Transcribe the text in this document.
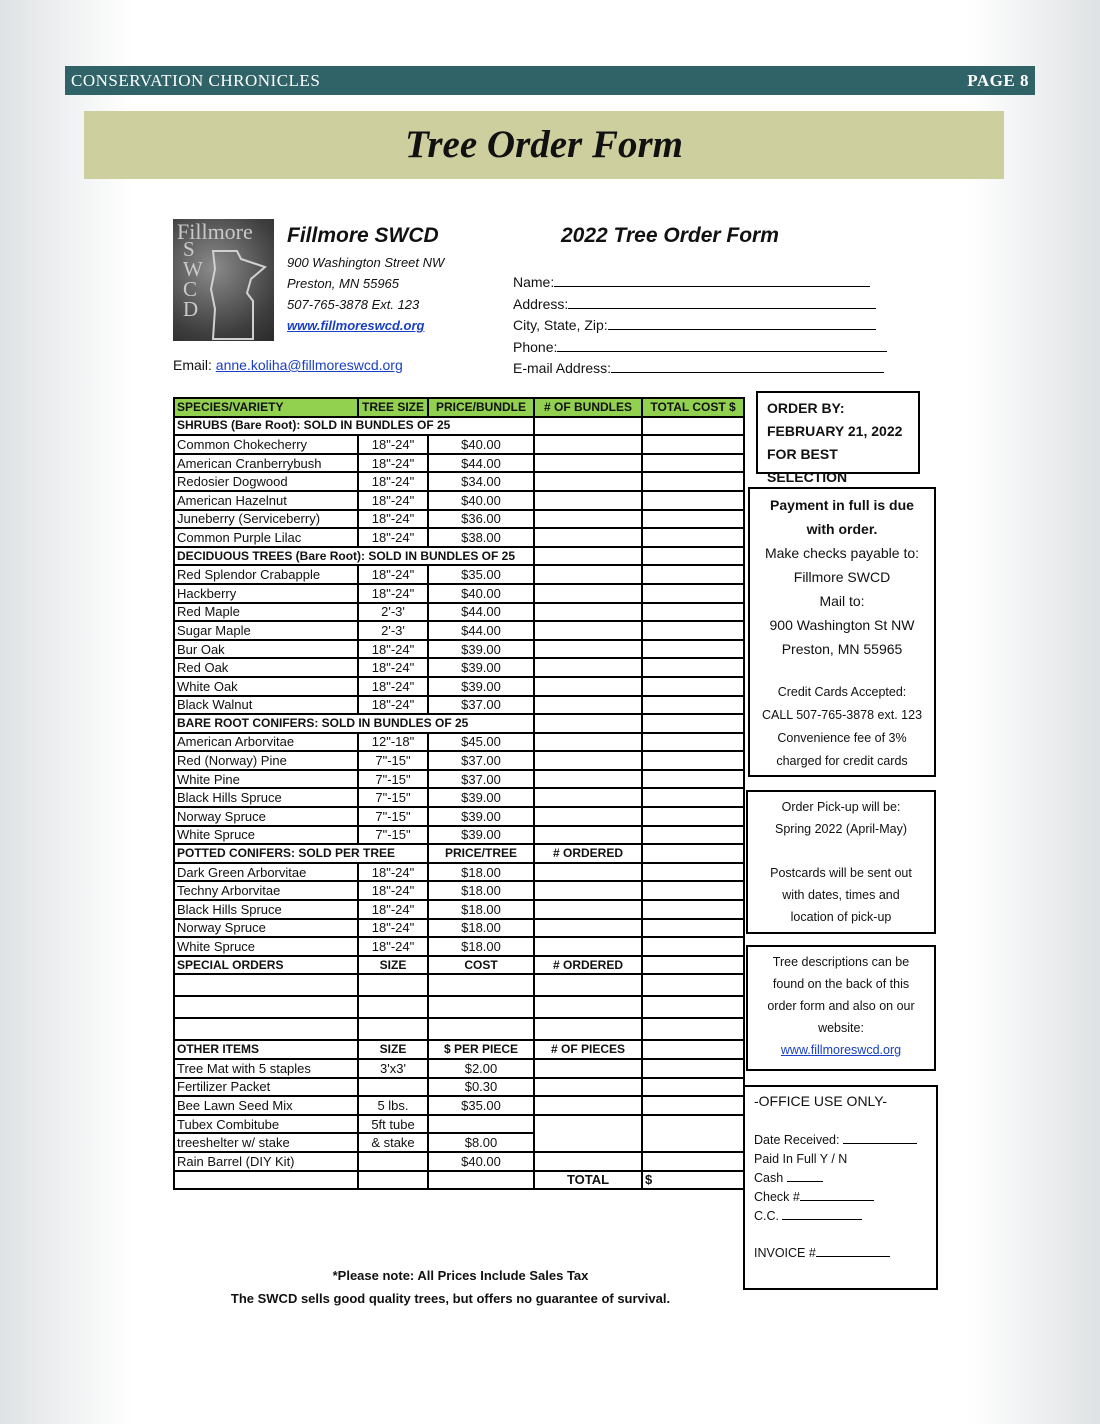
CONSERVATION CHRONICLES	PAGE 8
Tree Order Form
Fillmore
S
W
C
D
Fillmore SWCD
900 Washington Street NW
Preston, MN 55965
507-765-3878 Ext. 123
www.fillmoreswcd.org
Email: anne.koliha@fillmoreswcd.org
2022 Tree Order Form
Name:
Address:
City, State, Zip:
Phone:
E-mail Address:
SPECIES/VARIETY	TREE SIZE	PRICE/BUNDLE	# OF BUNDLES	TOTAL COST $
SHRUBS (Bare Root): SOLD IN BUNDLES OF 25				
Common Chokecherry	18"-24"	$40.00		
American Cranberrybush	18"-24"	$44.00		
Redosier Dogwood	18"-24"	$34.00		
American Hazelnut	18"-24"	$40.00		
Juneberry (Serviceberry)	18"-24"	$36.00		
Common Purple Lilac	18"-24"	$38.00		
DECIDUOUS TREES (Bare Root): SOLD IN BUNDLES OF 25				
Red Splendor Crabapple	18"-24"	$35.00		
Hackberry	18"-24"	$40.00		
Red Maple	2'-3'	$44.00		
Sugar Maple	2'-3'	$44.00		
Bur Oak	18"-24"	$39.00		
Red Oak	18"-24"	$39.00		
White Oak	18"-24"	$39.00		
Black Walnut	18"-24"	$37.00		
BARE ROOT CONIFERS: SOLD IN BUNDLES OF 25				
American Arborvitae	12"-18"	$45.00		
Red (Norway) Pine	7"-15"	$37.00		
White Pine	7"-15"	$37.00		
Black Hills Spruce	7"-15"	$39.00		
Norway Spruce	7"-15"	$39.00		
White Spruce	7"-15"	$39.00		
POTTED CONIFERS: SOLD PER TREE		PRICE/TREE	# ORDERED	
Dark Green Arborvitae	18"-24"	$18.00		
Techny Arborvitae	18"-24"	$18.00		
Black Hills Spruce	18"-24"	$18.00		
Norway Spruce	18"-24"	$18.00		
White Spruce	18"-24"	$18.00		
SPECIAL ORDERS	SIZE	COST	# ORDERED	

OTHER ITEMS	SIZE	$ PER PIECE	# OF PIECES	
Tree Mat with 5 staples	3'x3'	$2.00		
Fertilizer Packet		$0.30		
Bee Lawn Seed Mix	5 lbs.	$35.00		
Tubex Combitube	5ft tube			
treeshelter w/ stake	& stake	$8.00		
Rain Barrel (DIY Kit)		$40.00		
			TOTAL	$
ORDER BY:
FEBRUARY 21, 2022
FOR BEST SELECTION
Payment in full is due
with order.
Make checks payable to:
Fillmore SWCD
Mail to:
900 Washington St NW
Preston, MN 55965
Credit Cards Accepted:
CALL 507-765-3878 ext. 123
Convenience fee of 3%
charged for credit cards
Order Pick-up will be:
Spring 2022 (April-May)
Postcards will be sent out
with dates, times and
location of pick-up
Tree descriptions can be
found on the back of this
order form and also on our
website:
www.fillmoreswcd.org
-OFFICE USE ONLY-
Date Received:
Paid In Full Y / N
Cash
Check #
C.C.
INVOICE #
*Please note: All Prices Include Sales Tax
The SWCD sells good quality trees, but offers no guarantee of survival.
